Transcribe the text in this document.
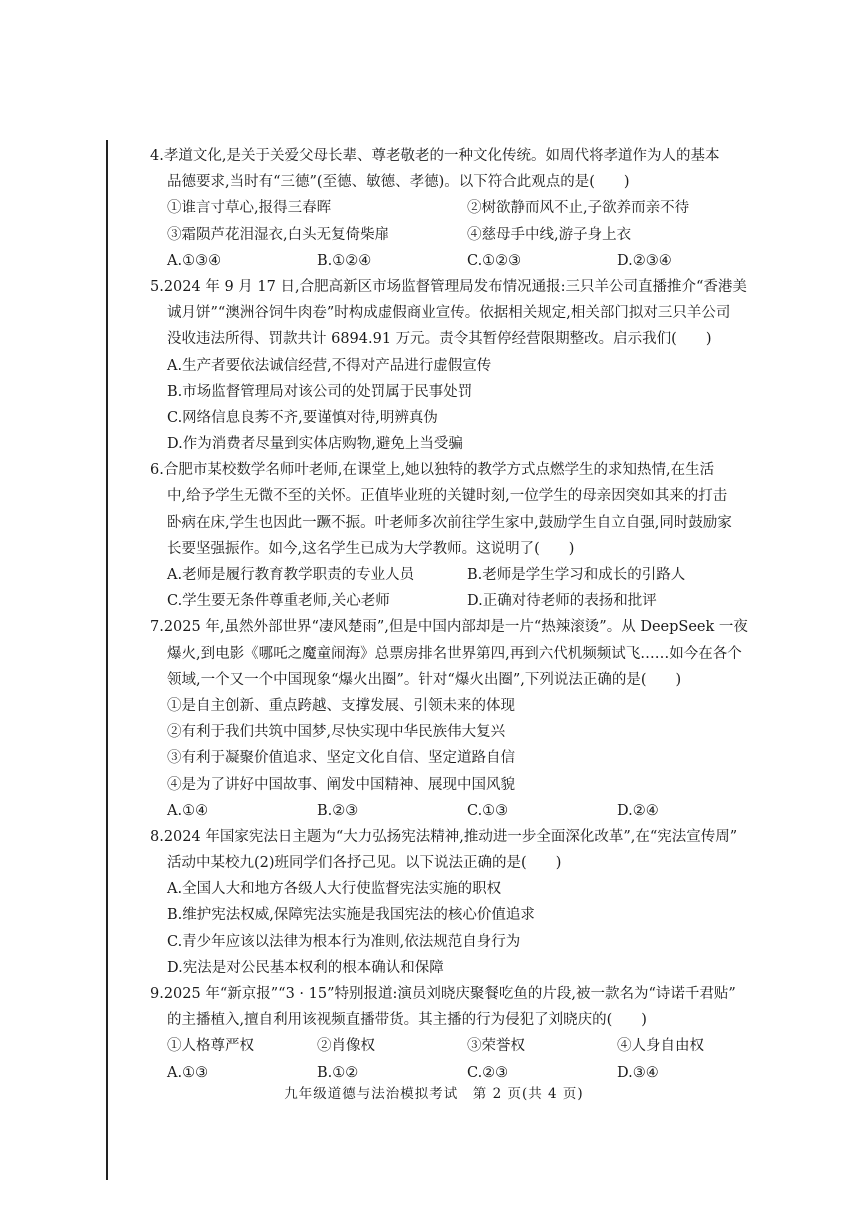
4.孝道文化,是关于关爱父母长辈、尊老敬老的一种文化传统。如周代将孝道作为人的基本
品德要求,当时有“三德”(至德、敏德、孝德)。以下符合此观点的是(　　)
①谁言寸草心,报得三春晖	②树欲静而风不止,子欲养而亲不待
③霜陨芦花泪湿衣,白头无复倚柴扉	④慈母手中线,游子身上衣
A.①③④	B.①②④	C.①②③	D.②③④
5.2024 年 9 月 17 日,合肥高新区市场监督管理局发布情况通报:三只羊公司直播推介“香港美
诚月饼”“澳洲谷饲牛肉卷”时构成虚假商业宣传。依据相关规定,相关部门拟对三只羊公司
没收违法所得、罚款共计 6894.91 万元。责令其暂停经营限期整改。启示我们(　　)
A.生产者要依法诚信经营,不得对产品进行虚假宣传
B.市场监督管理局对该公司的处罚属于民事处罚
C.网络信息良莠不齐,要谨慎对待,明辨真伪
D.作为消费者尽量到实体店购物,避免上当受骗
6.合肥市某校数学名师叶老师,在课堂上,她以独特的教学方式点燃学生的求知热情,在生活
中,给予学生无微不至的关怀。正值毕业班的关键时刻,一位学生的母亲因突如其来的打击
卧病在床,学生也因此一蹶不振。叶老师多次前往学生家中,鼓励学生自立自强,同时鼓励家
长要坚强振作。如今,这名学生已成为大学教师。这说明了(　　)
A.老师是履行教育教学职责的专业人员	B.老师是学生学习和成长的引路人
C.学生要无条件尊重老师,关心老师	D.正确对待老师的表扬和批评
7.2025 年,虽然外部世界“凄风楚雨”,但是中国内部却是一片“热辣滚烫”。从 DeepSeek 一夜
爆火,到电影《哪吒之魔童闹海》总票房排名世界第四,再到六代机频频试飞……如今在各个
领域,一个又一个中国现象“爆火出圈”。针对“爆火出圈”,下列说法正确的是(　　)
①是自主创新、重点跨越、支撑发展、引领未来的体现
②有利于我们共筑中国梦,尽快实现中华民族伟大复兴
③有利于凝聚价值追求、坚定文化自信、坚定道路自信
④是为了讲好中国故事、阐发中国精神、展现中国风貌
A.①④	B.②③	C.①③	D.②④
8.2024 年国家宪法日主题为“大力弘扬宪法精神,推动进一步全面深化改革”,在“宪法宣传周”
活动中某校九(2)班同学们各抒己见。以下说法正确的是(　　)
A.全国人大和地方各级人大行使监督宪法实施的职权
B.维护宪法权威,保障宪法实施是我国宪法的核心价值追求
C.青少年应该以法律为根本行为准则,依法规范自身行为
D.宪法是对公民基本权利的根本确认和保障
9.2025 年“新京报”“3 · 15”特别报道:演员刘晓庆聚餐吃鱼的片段,被一款名为“诗诺千君贴”
的主播植入,擅自利用该视频直播带货。其主播的行为侵犯了刘晓庆的(　　)
①人格尊严权	②肖像权	③荣誉权	④人身自由权
A.①③	B.①②	C.②③	D.③④
九年级道德与法治模拟考试　第 2 页(共 4 页)
